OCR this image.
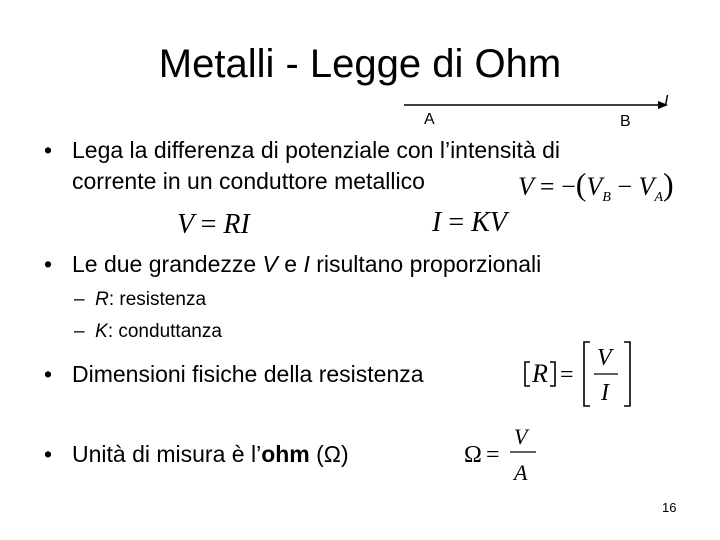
Metalli - Legge di Ohm
A	B
I
• Lega la differenza di potenziale con l’intensità di
corrente in un conduttore metallico	$V = -(V_B - V_A)$
V = RI	I = KV
• Le due grandezze V e I risultano proporzionali
–  R: resistenza
–  K: conduttanza
• Dimensioni fisiche della resistenza	R =
V
I
• Unità di misura è l’ohm (Ω)	Ω =
V
A
16
